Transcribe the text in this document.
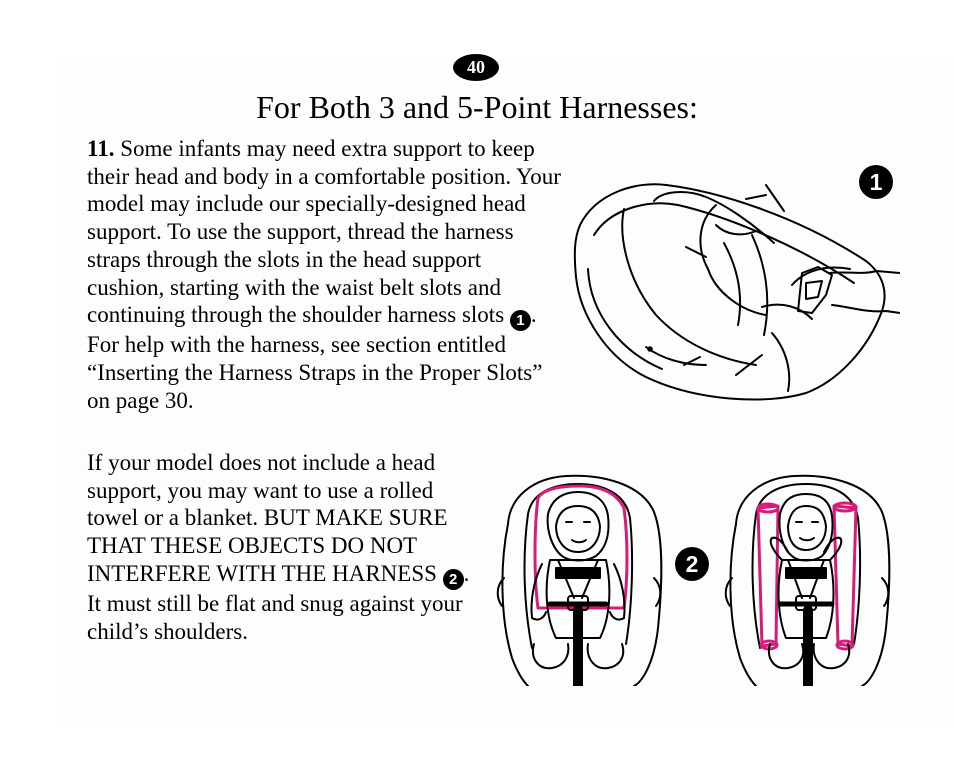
40
For Both 3 and 5-Point Harnesses:
11. Some infants may need extra support to keep their head and body in a comfortable position. Your model may include our specially-designed head support. To use the support, thread the harness straps through the slots in the head support cushion, starting with the waist belt slots and continuing through the shoulder harness slots 1 . For help with the harness, see section entitled “Inserting the Harness Straps in the Proper Slots” on page 30.
If your model does not include a head support, you may want to use a rolled towel or a blanket. BUT MAKE SURE THAT THESE OBJECTS DO NOT INTERFERE WITH THE HARNESS 2 . It must still be flat and snug against your child’s shoulders.
1
2
